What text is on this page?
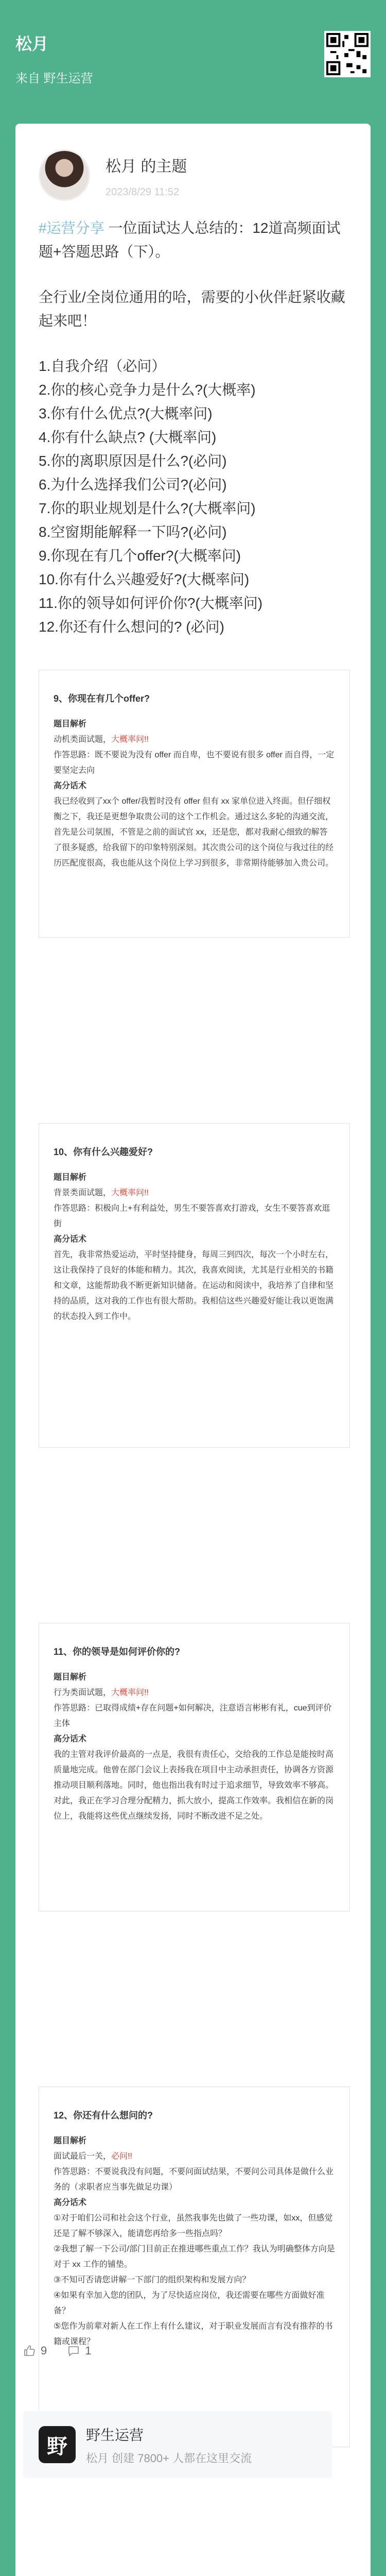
松月
来自 野生运营
松月 的主题
2023/8/29 11:52

#运营分享 一位面试达人总结的：12道高频面试题+答题思路（下）。

全行业/全岗位通用的哈，需要的小伙伴赶紧收藏起来吧！

1.自我介绍（必问）
2.你的核心竞争力是什么?(大概率)
3.你有什么优点?(大概率问)
4.你有什么缺点? (大概率问)
5.你的离职原因是什么?(必问)
6.为什么选择我们公司?(必问)
7.你的职业规划是什么?(大概率问)
8.空窗期能解释一下吗?(必问)
9.你现在有几个offer?(大概率问)
10.你有什么兴趣爱好?(大概率问)
11.你的领导如何评价你?(大概率问)
12.你还有什么想问的? (必问)
9、你现在有几个offer?

题目解析

动机类面试题，大概率问!!

作答思路：既不要说为没有 offer 而自卑，也不要说有很多 offer 而自得，一定要坚定去向

高分话术

我已经收到了xx个 offer/我暂时没有 offer 但有 xx 家单位进入终面。但仔细权衡之下，我还是更想争取贵公司的这个工作机会。通过这么多轮的沟通交流，首先是公司氛围，不管是之前的面试官 xx，还是您，都对我耐心细致的解答了很多疑惑，给我留下的印象特别深刻。其次贵公司的这个岗位与我过往的经历匹配度很高，我也能从这个岗位上学习到很多，非常期待能够加入贵公司。

10、你有什么兴趣爱好?

题目解析

背景类面试题，大概率问!!

作答思路：积极向上+有利益处，男生不要答喜欢打游戏，女生不要答喜欢逛街

高分话术

首先，我非常热爱运动，平时坚持健身，每周三到四次，每次一个小时左右，这让我保持了良好的体能和精力。其次，我喜欢阅读，尤其是行业相关的书籍和文章，这能帮助我不断更新知识储备。在运动和阅读中，我培养了自律和坚持的品质，这对我的工作也有很大帮助。我相信这些兴趣爱好能让我以更饱满的状态投入到工作中。

11、你的领导是如何评价你的?

题目解析

行为类面试题，大概率问!!

作答思路：已取得成绩+存在问题+如何解决，注意语言彬彬有礼，cue到评价主体

高分话术

我的主管对我评价最高的一点是，我很有责任心，交给我的工作总是能按时高质量地完成。他曾在部门会议上表扬我在项目中主动承担责任，协调各方资源推动项目顺利落地。同时，他也指出我有时过于追求细节，导致效率不够高。对此，我正在学习合理分配精力，抓大放小，提高工作效率。我相信在新的岗位上，我能将这些优点继续发扬，同时不断改进不足之处。

12、你还有什么想问的?

题目解析

面试最后一关，必问!!

作答思路：不要说我没有问题，不要问面试结果，不要问公司具体是做什么业务的（求职者应当事先做足功课）

高分话术

①对于咱们公司和社会这个行业，虽然我事先也做了一些功课，如xx，但感觉还是了解不够深入，能请您再给多一些指点吗？

②我想了解一下公司/部门目前正在推进哪些重点工作？我认为明确整体方向是对于 xx 工作的铺垫。

③不知可否请您讲解一下部门的组织架构和发展方向？

④如果有幸加入您的团队，为了尽快适应岗位，我还需要在哪些方面做好准备？

⑤您作为前辈对新人在工作上有什么建议，对于职业发展而言有没有推荐的书籍或课程？

9	1
野	野生运营
松月 创建 7800+ 人都在这里交流
